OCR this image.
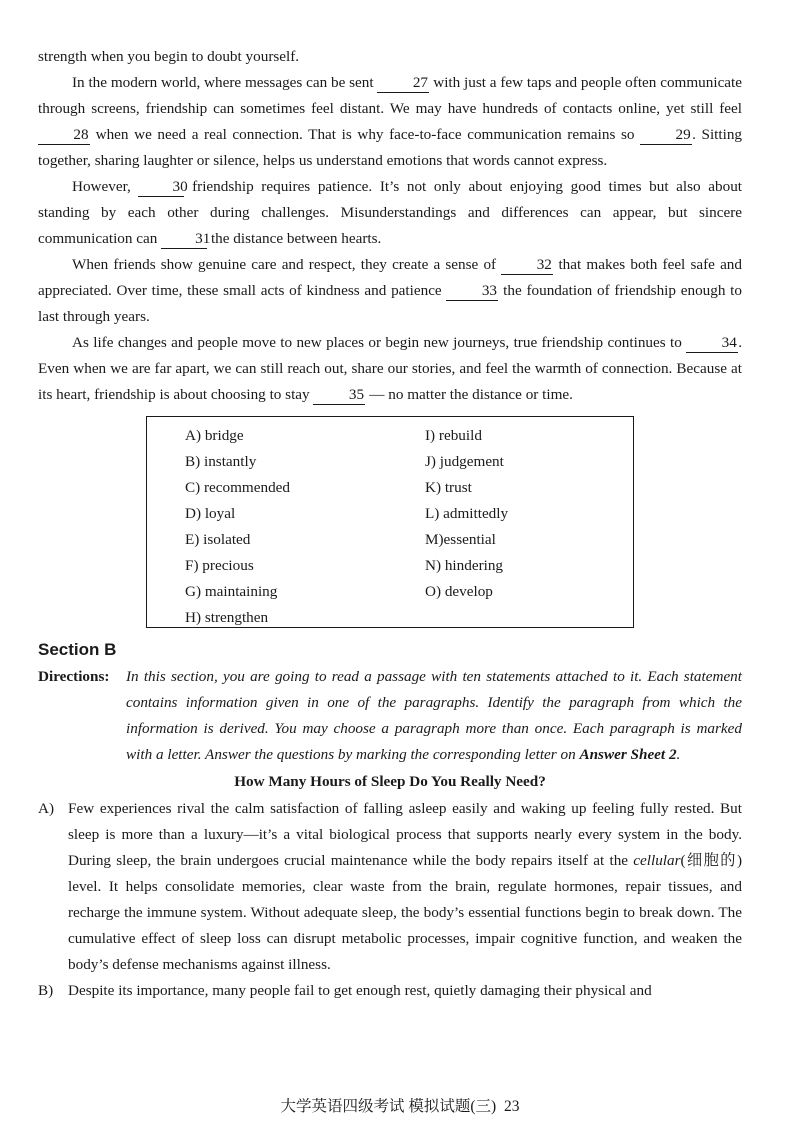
strength when you begin to doubt yourself.

In the modern world, where messages can be sent 27 with just a few taps and people often communicate through screens, friendship can sometimes feel distant. We may have hundreds of contacts online, yet still feel 28 when we need a real connection. That is why face-to-face communication remains so 29. Sitting together, sharing laughter or silence, helps us understand emotions that words cannot express.

However, 30 friendship requires patience. It’s not only about enjoying good times but also about standing by each other during challenges. Misunderstandings and differences can appear, but sincere communication can 31 the distance between hearts.

When friends show genuine care and respect, they create a sense of 32 that makes both feel safe and appreciated. Over time, these small acts of kindness and patience 33 the foundation of friendship enough to last through years.

As life changes and people move to new places or begin new journeys, true friendship continues to 34. Even when we are far apart, we can still reach out, share our stories, and feel the warmth of connection. Because at its heart, friendship is about choosing to stay 35 — no matter the distance or time.

A) bridge
B) instantly
C) recommended
D) loyal
E) isolated
F) precious
G) maintaining
H) strengthen
I) rebuild
J) judgement
K) trust
L) admittedly
M)essential
N) hindering
O) develop
Section B
Directions: In this section, you are going to read a passage with ten statements attached to it. Each statement contains information given in one of the paragraphs. Identify the paragraph from which the information is derived. You may choose a paragraph more than once. Each paragraph is marked with a letter. Answer the questions by marking the corresponding letter on Answer Sheet 2.

How Many Hours of Sleep Do You Really Need?
A) Few experiences rival the calm satisfaction of falling asleep easily and waking up feeling fully rested. But sleep is more than a luxury—it’s a vital biological process that supports nearly every system in the body. During sleep, the brain undergoes crucial maintenance while the body repairs itself at the cellular(细胞的) level. It helps consolidate memories, clear waste from the brain, regulate hormones, repair tissues, and recharge the immune system. Without adequate sleep, the body’s essential functions begin to break down. The cumulative effect of sleep loss can disrupt metabolic processes, impair cognitive function, and weaken the body’s defense mechanisms against illness.

B) Despite its importance, many people fail to get enough rest, quietly damaging their physical and

大学英语四级考试 模拟试题(三) 23
